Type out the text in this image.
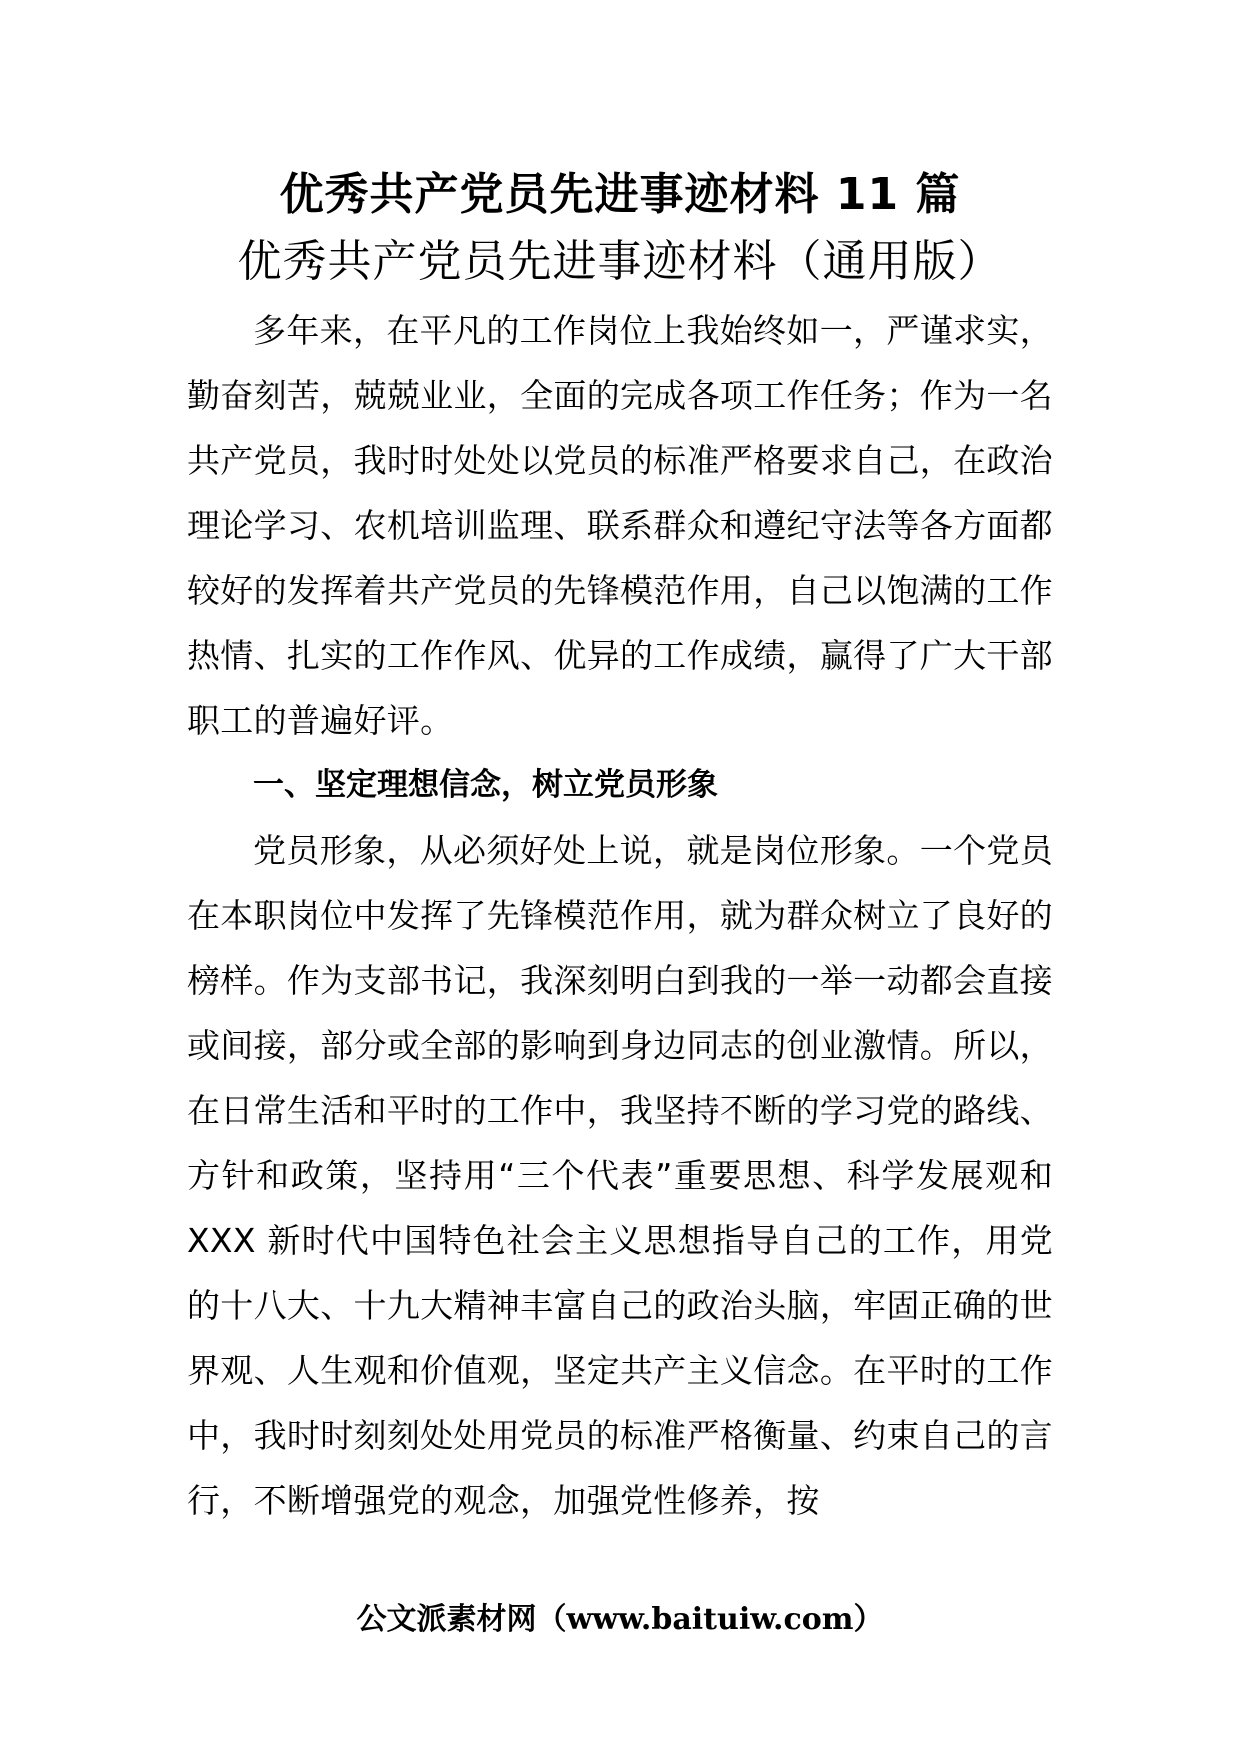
优秀共产党员先进事迹材料 11 篇
优秀共产党员先进事迹材料（通用版）

多年来，在平凡的工作岗位上我始终如一，严谨求实，勤奋刻苦，兢兢业业，全面的完成各项工作任务；作为一名共产党员，我时时处处以党员的标准严格要求自己，在政治理论学习、农机培训监理、联系群众和遵纪守法等各方面都较好的发挥着共产党员的先锋模范作用，自己以饱满的工作热情、扎实的工作作风、优异的工作成绩，赢得了广大干部职工的普遍好评。

一、坚定理想信念，树立党员形象

党员形象，从必须好处上说，就是岗位形象。一个党员在本职岗位中发挥了先锋模范作用，就为群众树立了良好的榜样。作为支部书记，我深刻明白到我的一举一动都会直接或间接，部分或全部的影响到身边同志的创业激情。所以，在日常生活和平时的工作中，我坚持不断的学习党的路线、方针和政策，坚持用“三个代表”重要思想、科学发展观和 XXX 新时代中国特色社会主义思想指导自己的工作，用党的十八大、十九大精神丰富自己的政治头脑，牢固正确的世界观、人生观和价值观，坚定共产主义信念。在平时的工作中，我时时刻刻处处用党员的标准严格衡量、约束自己的言行，不断增强党的观念，加强党性修养，按

公文派素材网（www.baituiw.com）
